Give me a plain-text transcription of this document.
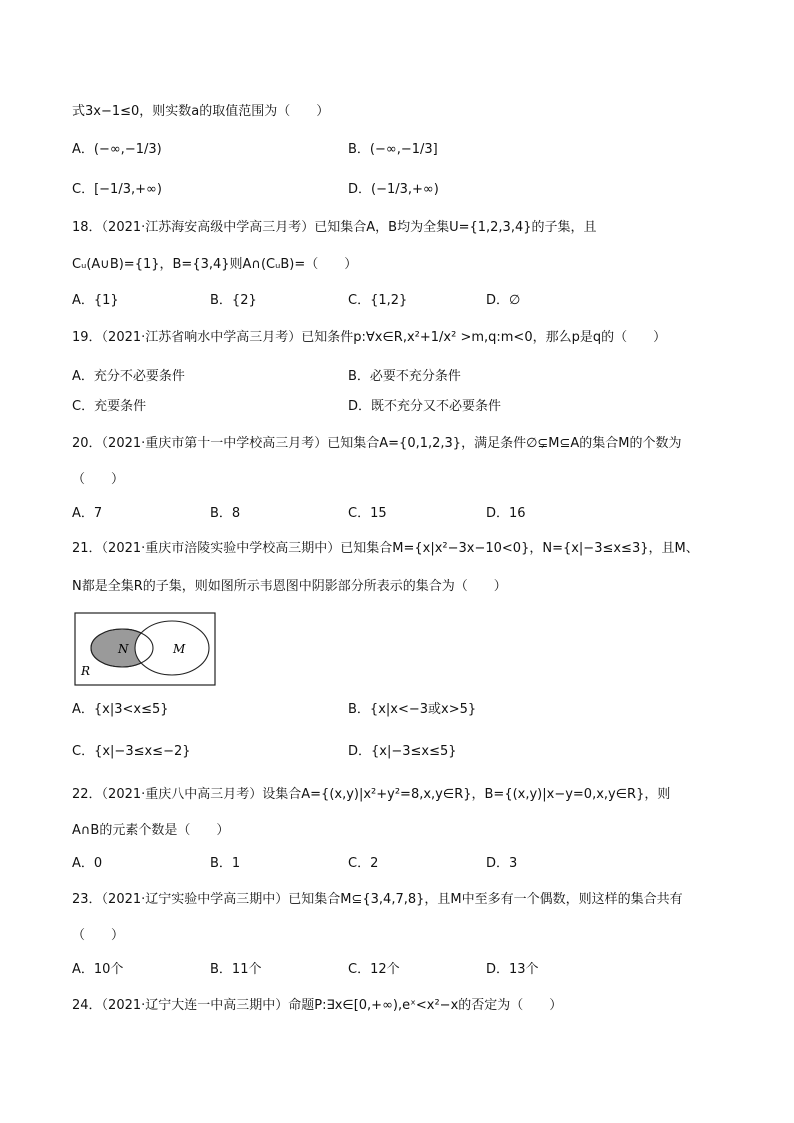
式3x−1≤0，则实数a的取值范围为（　　）
A．(−∞,−1/3)	B．(−∞,−1/3]
C．[−1/3,+∞)	D．(−1/3,+∞)
18．（2021·江苏海安高级中学高三月考）已知集合A，B均为全集U={1,2,3,4}的子集，且
Cᵤ(A∪B)={1}，B={3,4}则A∩(CᵤB)=（　　）
A．{1}	B．{2}	C．{1,2}	D．∅
19．（2021·江苏省响水中学高三月考）已知条件p:∀x∈R,x²+1/x² >m,q:m<0，那么p是q的（　　）
A．充分不必要条件	B．必要不充分条件
C．充要条件	D．既不充分又不必要条件
20．（2021·重庆市第十一中学校高三月考）已知集合A={0,1,2,3}，满足条件∅⊊M⊆A的集合M的个数为
（　　）
A．7	B．8	C．15	D．16
21．（2021·重庆市涪陵实验中学校高三期中）已知集合M={x|x²−3x−10<0}，N={x|−3≤x≤3}，且M、
N都是全集R的子集，则如图所示韦恩图中阴影部分所表示的集合为（　　）
N	M
R
A．{x|3<x≤5}	B．{x|x<−3或x>5}
C．{x|−3≤x≤−2}	D．{x|−3≤x≤5}
22．（2021·重庆八中高三月考）设集合A={(x,y)|x²+y²=8,x,y∈R}，B={(x,y)|x−y=0,x,y∈R}，则
A∩B的元素个数是（　　）
A．0	B．1	C．2	D．3
23．（2021·辽宁实验中学高三期中）已知集合M⊆{3,4,7,8}，且M中至多有一个偶数，则这样的集合共有
（　　）
A．10个	B．11个	C．12个	D．13个
24．（2021·辽宁大连一中高三期中）命题P:∃x∈[0,+∞),eˣ<x²−x的否定为（　　）
